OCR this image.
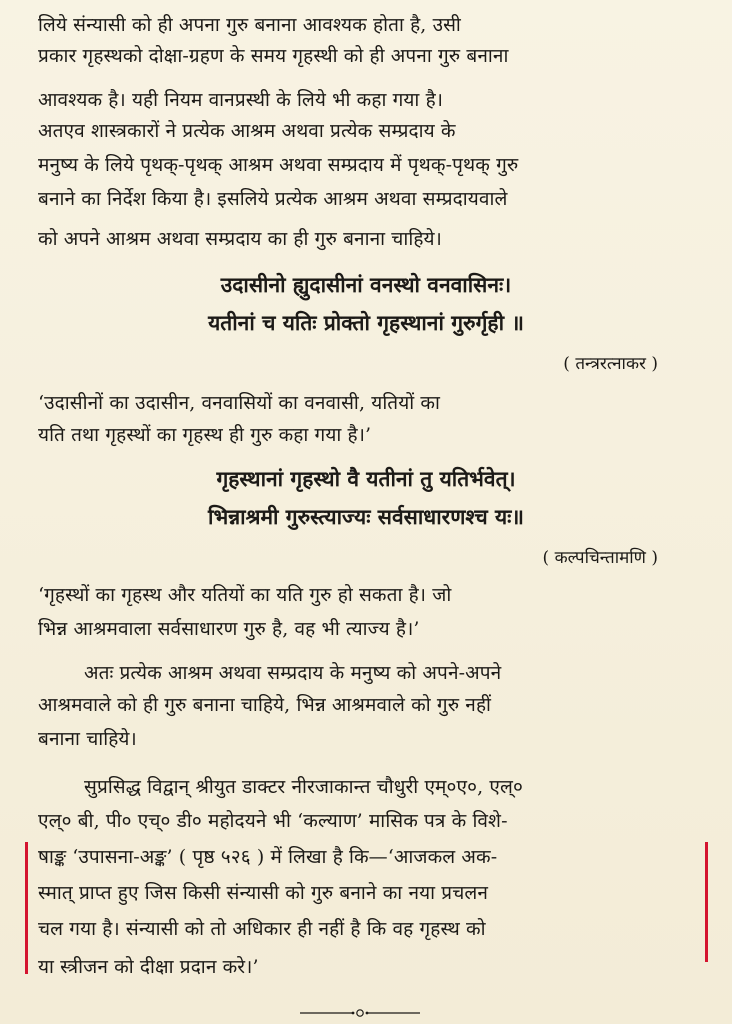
लिये संन्यासी को ही अपना गुरु बनाना आवश्यक होता है, उसी
प्रकार गृहस्थको दोक्षा-ग्रहण के समय गृहस्थी को ही अपना गुरु बनाना
आवश्यक है। यही नियम वानप्रस्थी के लिये भी कहा गया है।
अतएव शास्त्रकारों ने प्रत्येक आश्रम अथवा प्रत्येक सम्प्रदाय के
मनुष्य के लिये पृथक्-पृथक् आश्रम अथवा सम्प्रदाय में पृथक्-पृथक् गुरु
बनाने का निर्देश किया है। इसलिये प्रत्येक आश्रम अथवा सम्प्रदायवाले
को अपने आश्रम अथवा सम्प्रदाय का ही गुरु बनाना चाहिये।
उदासीनो ह्युदासीनां वनस्थो वनवासिनः।
यतीनां च यतिः प्रोक्तो गृहस्थानां गुरुर्गृही ॥
( तन्त्ररत्नाकर )
‘उदासीनों का उदासीन, वनवासियों का वनवासी, यतियों का
यति तथा गृहस्थों का गृहस्थ ही गुरु कहा गया है।’
गृहस्थानां गृहस्थो वै यतीनां तु यतिर्भवेत्।
भिन्नाश्रमी गुरुस्त्याज्यः सर्वसाधारणश्च यः॥
( कल्पचिन्तामणि )
‘गृहस्थों का गृहस्थ और यतियों का यति गुरु हो सकता है। जो
भिन्न आश्रमवाला सर्वसाधारण गुरु है, वह भी त्याज्य है।’
अतः प्रत्येक आश्रम अथवा सम्प्रदाय के मनुष्य को अपने-अपने
आश्रमवाले को ही गुरु बनाना चाहिये, भिन्न आश्रमवाले को गुरु नहीं
बनाना चाहिये।
सुप्रसिद्ध विद्वान् श्रीयुत डाक्टर नीरजाकान्त चौधुरी एम्०ए०, एल्०
एल्० बी, पी० एच्० डी० महोदयने भी ‘कल्याण’ मासिक पत्र के विशे-
षाङ्क ‘उपासना-अङ्क’ ( पृष्ठ ५२६ ) में लिखा है कि—‘आजकल अक-
स्मात् प्राप्त हुए जिस किसी संन्यासी को गुरु बनाने का नया प्रचलन
चल गया है। संन्यासी को तो अधिकार ही नहीं है कि वह गृहस्थ को
या स्त्रीजन को दीक्षा प्रदान करे।’
